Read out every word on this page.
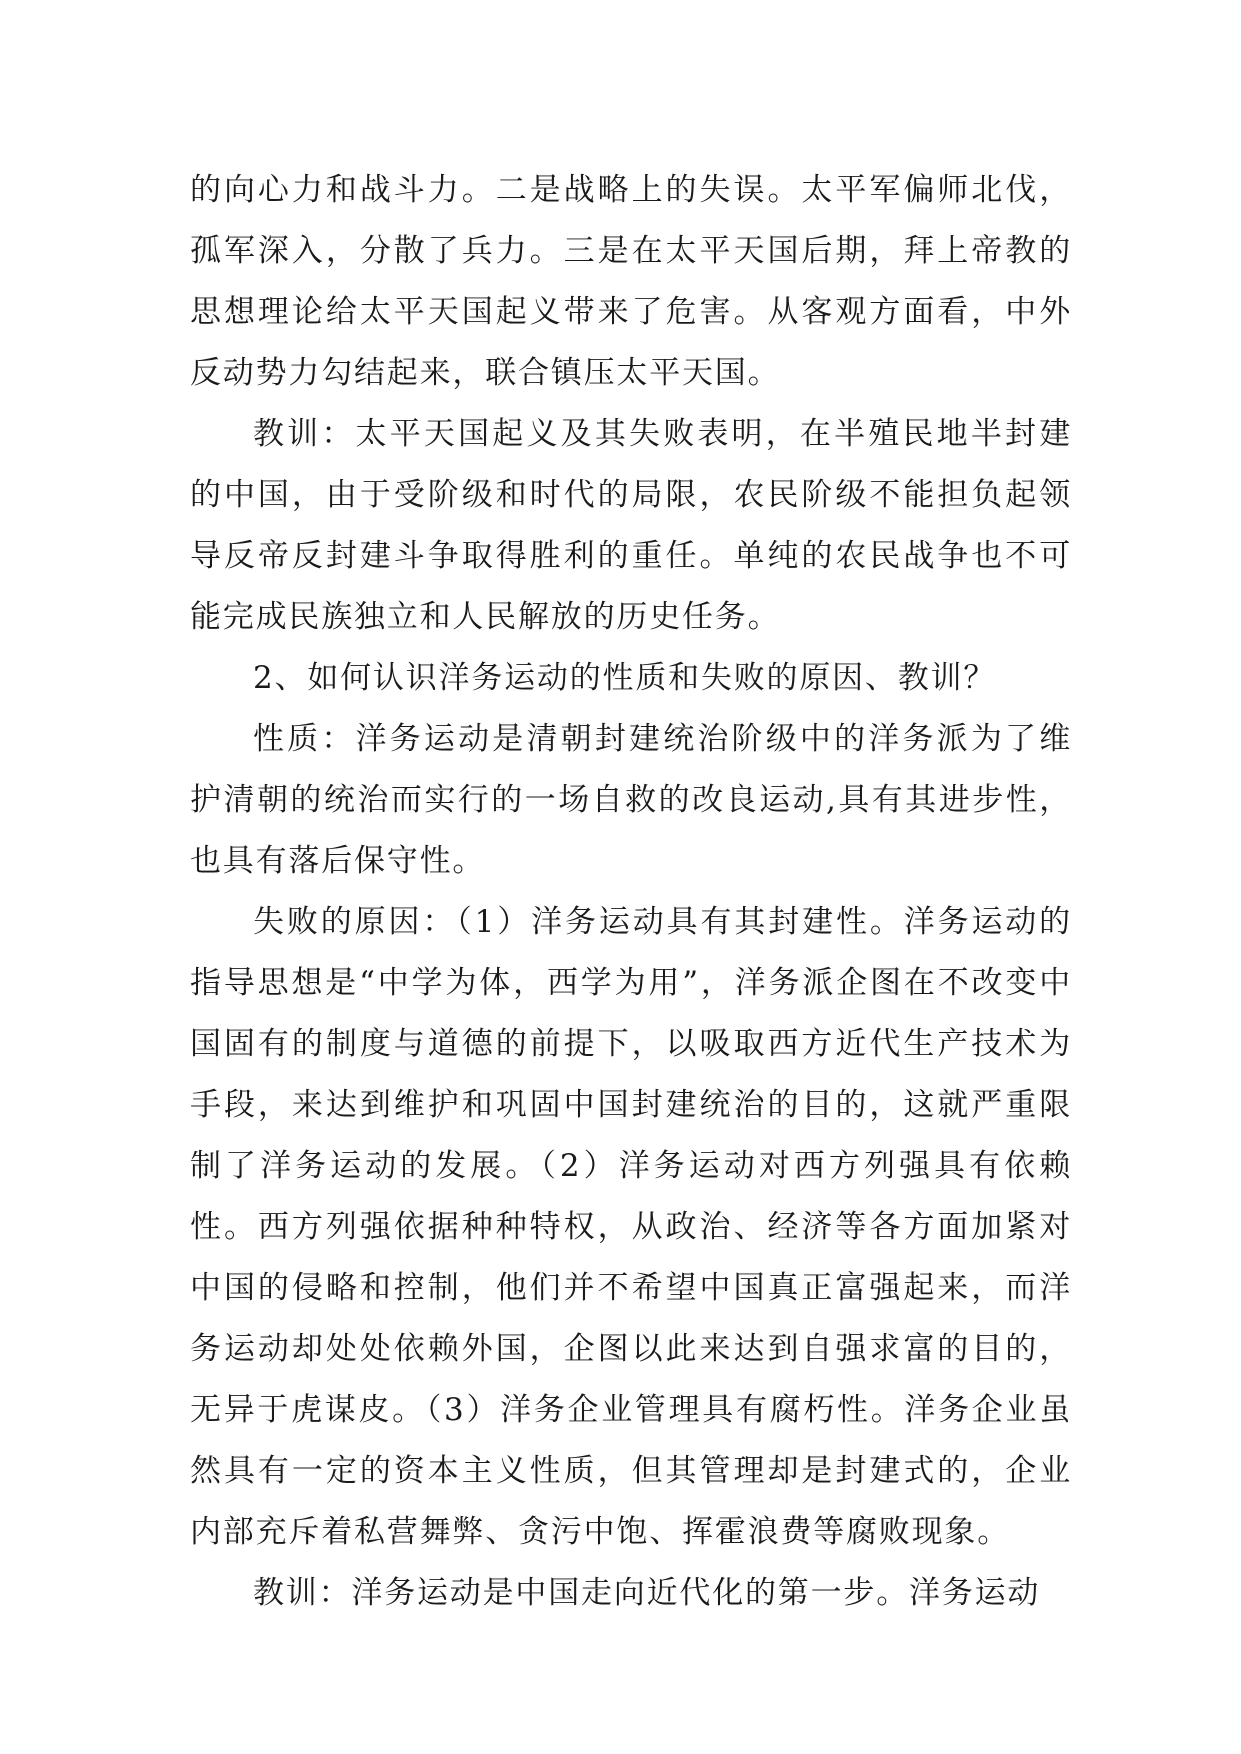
的向心力和战斗力。二是战略上的失误。太平军偏师北伐，孤军深入，分散了兵力。三是在太平天国后期，拜上帝教的思想理论给太平天国起义带来了危害。从客观方面看，中外反动势力勾结起来，联合镇压太平天国。

教训：太平天国起义及其失败表明，在半殖民地半封建的中国，由于受阶级和时代的局限，农民阶级不能担负起领导反帝反封建斗争取得胜利的重任。单纯的农民战争也不可能完成民族独立和人民解放的历史任务。

2、如何认识洋务运动的性质和失败的原因、教训？

性质：洋务运动是清朝封建统治阶级中的洋务派为了维护清朝的统治而实行的一场自救的改良运动,具有其进步性，也具有落后保守性。

失败的原因：（1）洋务运动具有其封建性。洋务运动的指导思想是“中学为体，西学为用”，洋务派企图在不改变中国固有的制度与道德的前提下，以吸取西方近代生产技术为手段，来达到维护和巩固中国封建统治的目的，这就严重限制了洋务运动的发展。（2）洋务运动对西方列强具有依赖性。西方列强依据种种特权，从政治、经济等各方面加紧对中国的侵略和控制，他们并不希望中国真正富强起来，而洋务运动却处处依赖外国，企图以此来达到自强求富的目的，无异于虎谋皮。（3）洋务企业管理具有腐朽性。洋务企业虽然具有一定的资本主义性质，但其管理却是封建式的，企业内部充斥着私营舞弊、贪污中饱、挥霍浪费等腐败现象。

教训：洋务运动是中国走向近代化的第一步。洋务运动
